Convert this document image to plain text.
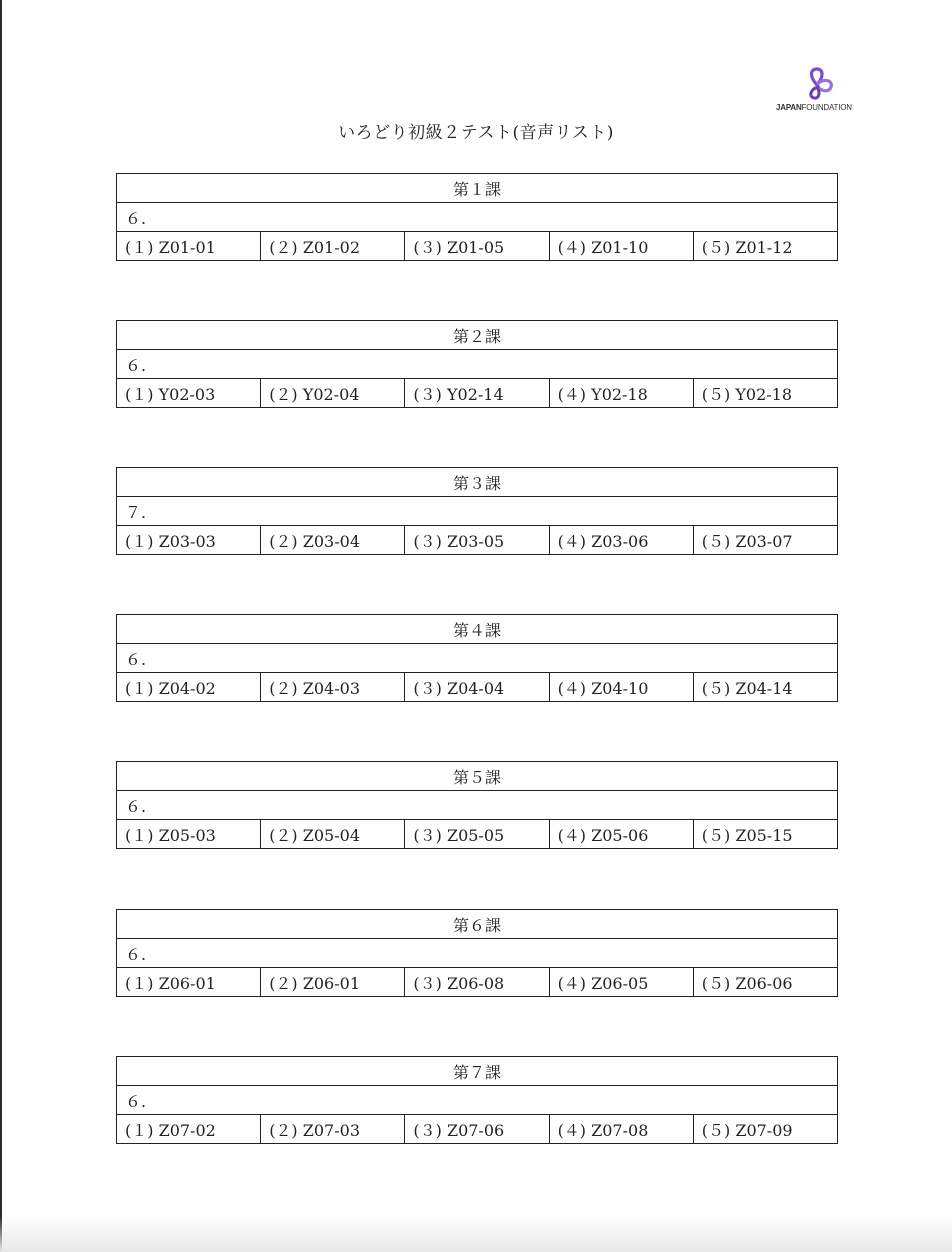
JAPANFOUNDATION
いろどり初級２テスト(音声リスト)
第１課
６.
(１) Z01-01	(２) Z01-02	(３) Z01-05	(４) Z01-10	(５) Z01-12
第２課
６.
(１) Y02-03	(２) Y02-04	(３) Y02-14	(４) Y02-18	(５) Y02-18
第３課
７.
(１) Z03-03	(２) Z03-04	(３) Z03-05	(４) Z03-06	(５) Z03-07
第４課
６.
(１) Z04-02	(２) Z04-03	(３) Z04-04	(４) Z04-10	(５) Z04-14
第５課
６.
(１) Z05-03	(２) Z05-04	(３) Z05-05	(４) Z05-06	(５) Z05-15
第６課
６.
(１) Z06-01	(２) Z06-01	(３) Z06-08	(４) Z06-05	(５) Z06-06
第７課
６.
(１) Z07-02	(２) Z07-03	(３) Z07-06	(４) Z07-08	(５) Z07-09
